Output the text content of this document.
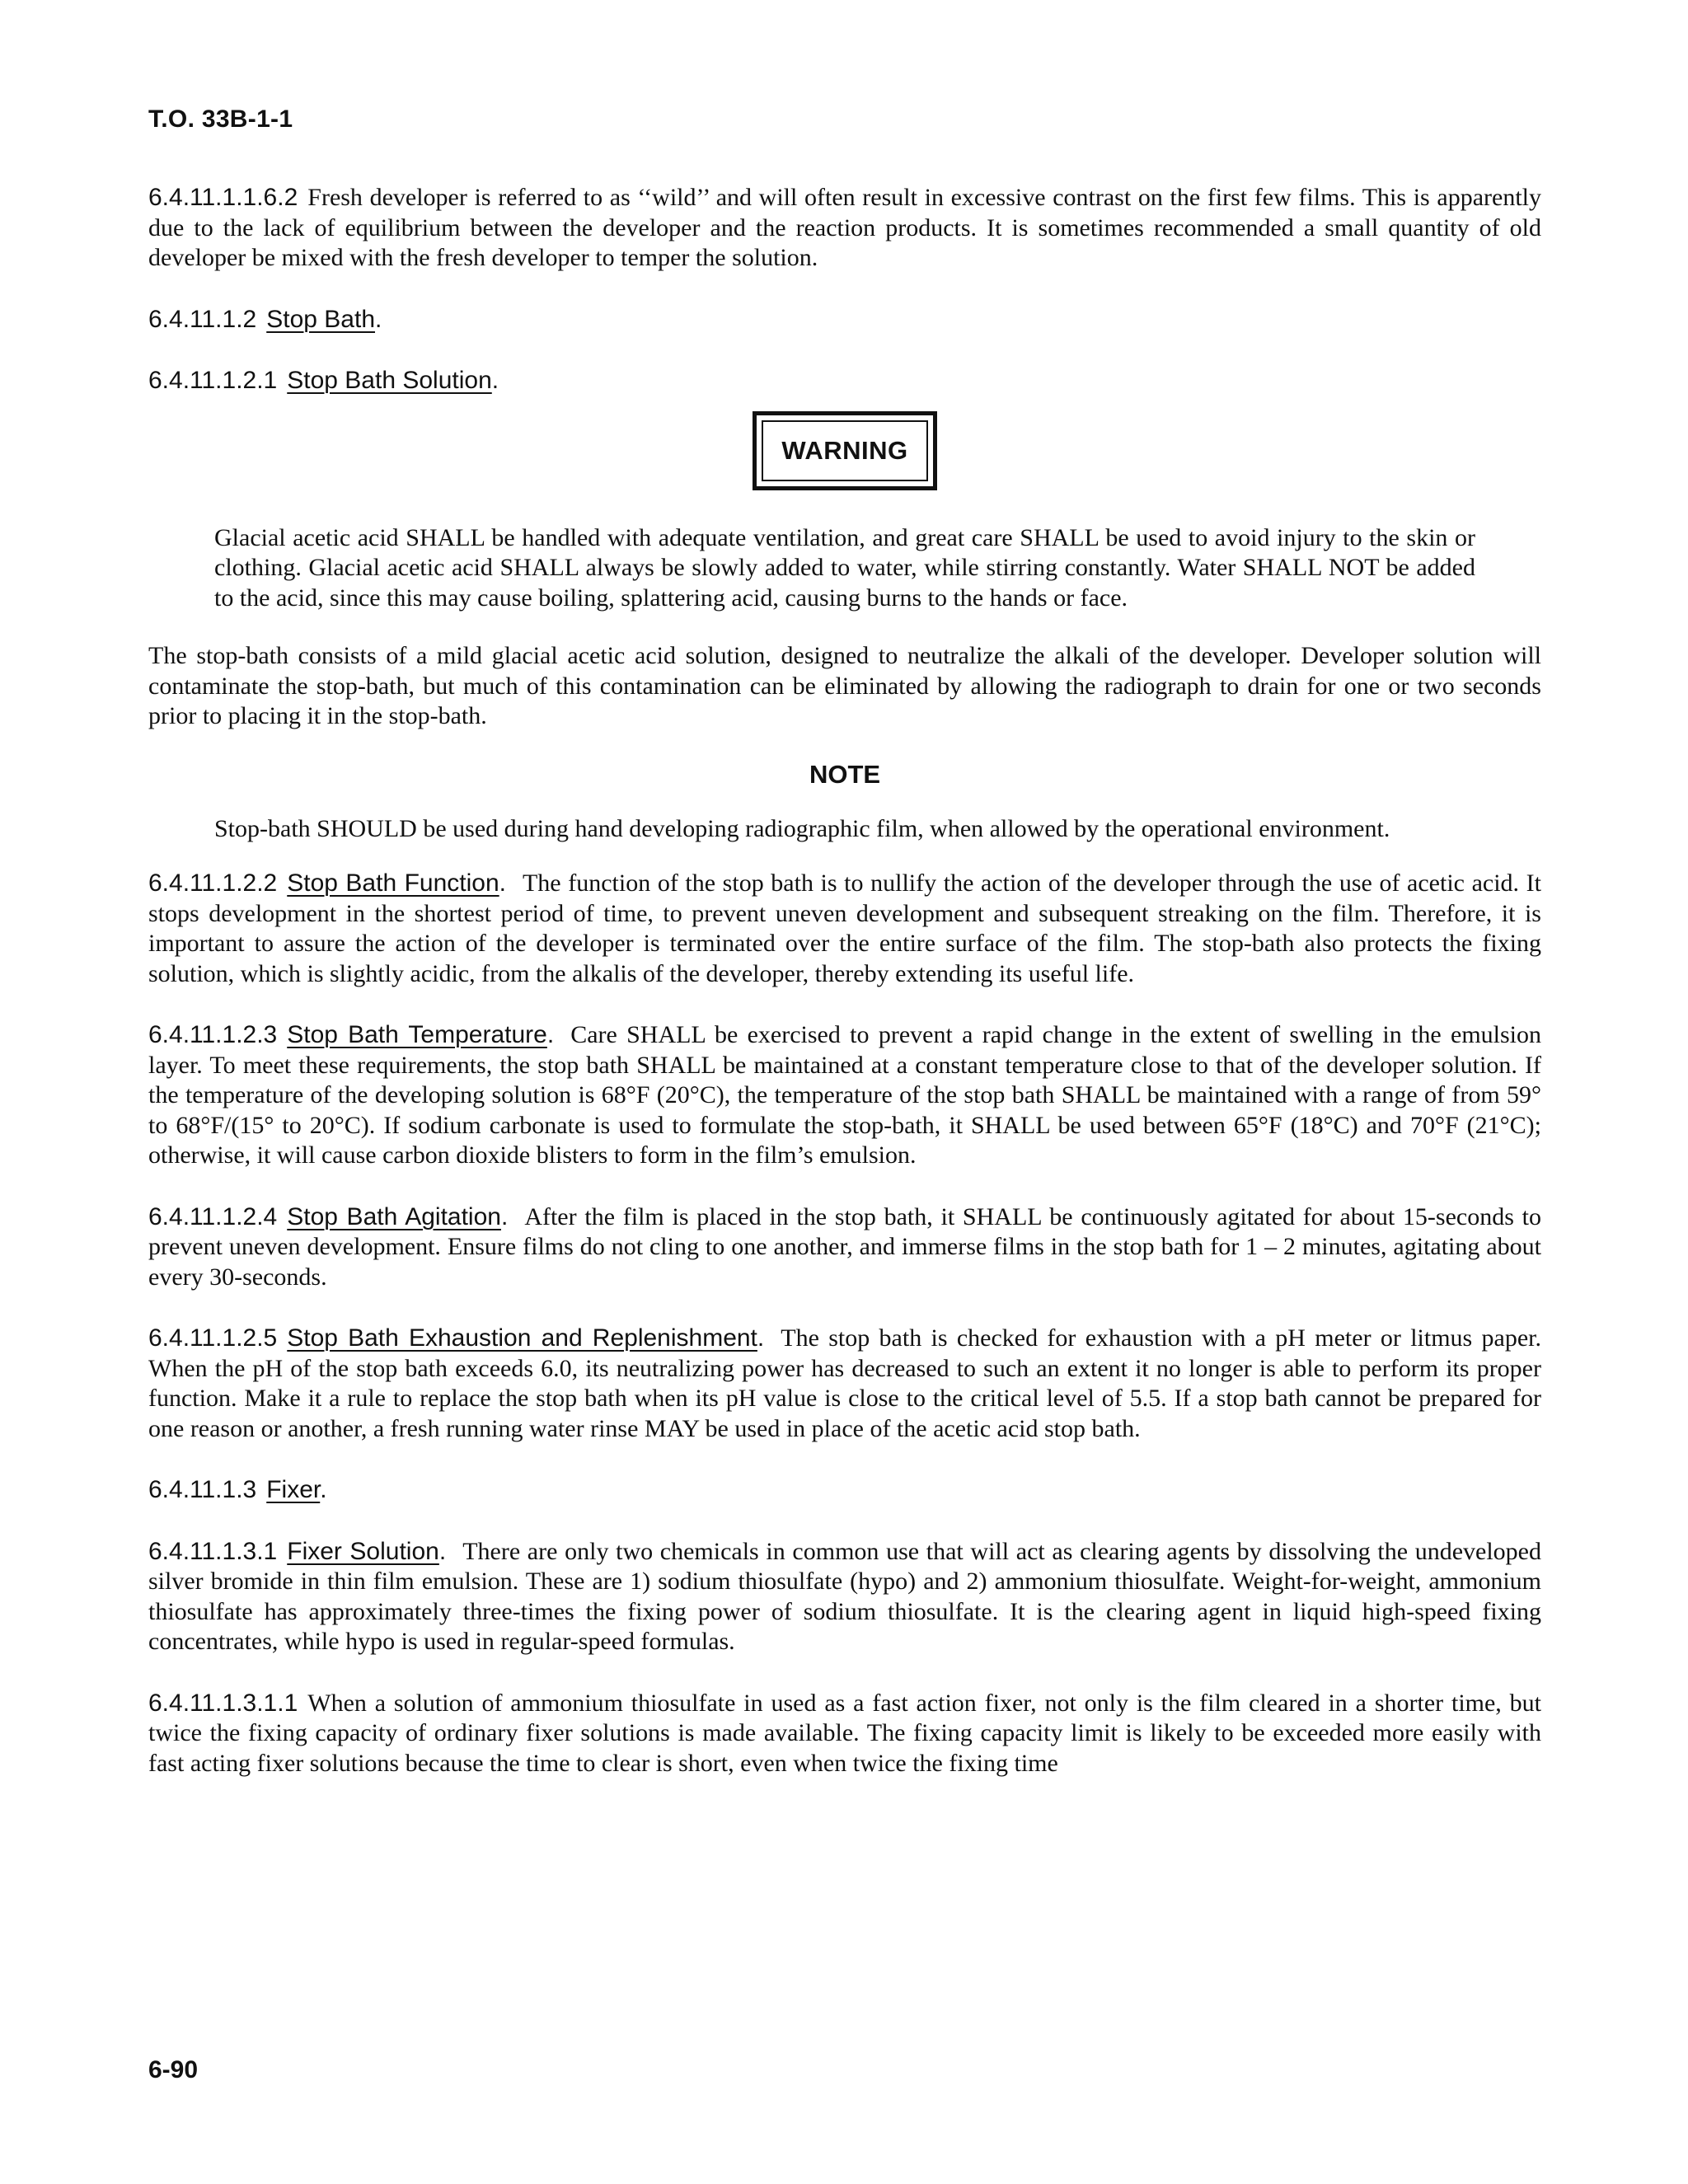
T.O. 33B-1-1

6.4.11.1.1.6.2 Fresh developer is referred to as ‘‘wild’’ and will often result in excessive contrast on the first few films. This is apparently due to the lack of equilibrium between the developer and the reaction products. It is sometimes recommended a small quantity of old developer be mixed with the fresh developer to temper the solution.

6.4.11.1.2 Stop Bath.
6.4.11.1.2.1 Stop Bath Solution.
WARNING

Glacial acetic acid SHALL be handled with adequate ventilation, and great care SHALL be used to avoid injury to the skin or clothing. Glacial acetic acid SHALL always be slowly added to water, while stirring constantly. Water SHALL NOT be added to the acid, since this may cause boiling, splattering acid, causing burns to the hands or face.

The stop-bath consists of a mild glacial acetic acid solution, designed to neutralize the alkali of the developer. Developer solution will contaminate the stop-bath, but much of this contamination can be eliminated by allowing the radiograph to drain for one or two seconds prior to placing it in the stop-bath.

NOTE

Stop-bath SHOULD be used during hand developing radiographic film, when allowed by the operational environment.

6.4.11.1.2.2 Stop Bath Function. The function of the stop bath is to nullify the action of the developer through the use of acetic acid. It stops development in the shortest period of time, to prevent uneven development and subsequent streaking on the film. Therefore, it is important to assure the action of the developer is terminated over the entire surface of the film. The stop-bath also protects the fixing solution, which is slightly acidic, from the alkalis of the developer, thereby extending its useful life.

6.4.11.1.2.3 Stop Bath Temperature. Care SHALL be exercised to prevent a rapid change in the extent of swelling in the emulsion layer. To meet these requirements, the stop bath SHALL be maintained at a constant temperature close to that of the developer solution. If the temperature of the developing solution is 68°F (20°C), the temperature of the stop bath SHALL be maintained with a range of from 59° to 68°F/(15° to 20°C). If sodium carbonate is used to formulate the stop-bath, it SHALL be used between 65°F (18°C) and 70°F (21°C); otherwise, it will cause carbon dioxide blisters to form in the film’s emulsion.

6.4.11.1.2.4 Stop Bath Agitation. After the film is placed in the stop bath, it SHALL be continuously agitated for about 15-seconds to prevent uneven development. Ensure films do not cling to one another, and immerse films in the stop bath for 1 – 2 minutes, agitating about every 30-seconds.

6.4.11.1.2.5 Stop Bath Exhaustion and Replenishment. The stop bath is checked for exhaustion with a pH meter or litmus paper. When the pH of the stop bath exceeds 6.0, its neutralizing power has decreased to such an extent it no longer is able to perform its proper function. Make it a rule to replace the stop bath when its pH value is close to the critical level of 5.5. If a stop bath cannot be prepared for one reason or another, a fresh running water rinse MAY be used in place of the acetic acid stop bath.

6.4.11.1.3 Fixer.

6.4.11.1.3.1 Fixer Solution. There are only two chemicals in common use that will act as clearing agents by dissolving the undeveloped silver bromide in thin film emulsion. These are 1) sodium thiosulfate (hypo) and 2) ammonium thiosulfate. Weight-for-weight, ammonium thiosulfate has approximately three-times the fixing power of sodium thiosulfate. It is the clearing agent in liquid high-speed fixing concentrates, while hypo is used in regular-speed formulas.

6.4.11.1.3.1.1 When a solution of ammonium thiosulfate in used as a fast action fixer, not only is the film cleared in a shorter time, but twice the fixing capacity of ordinary fixer solutions is made available. The fixing capacity limit is likely to be exceeded more easily with fast acting fixer solutions because the time to clear is short, even when twice the fixing time

6-90
